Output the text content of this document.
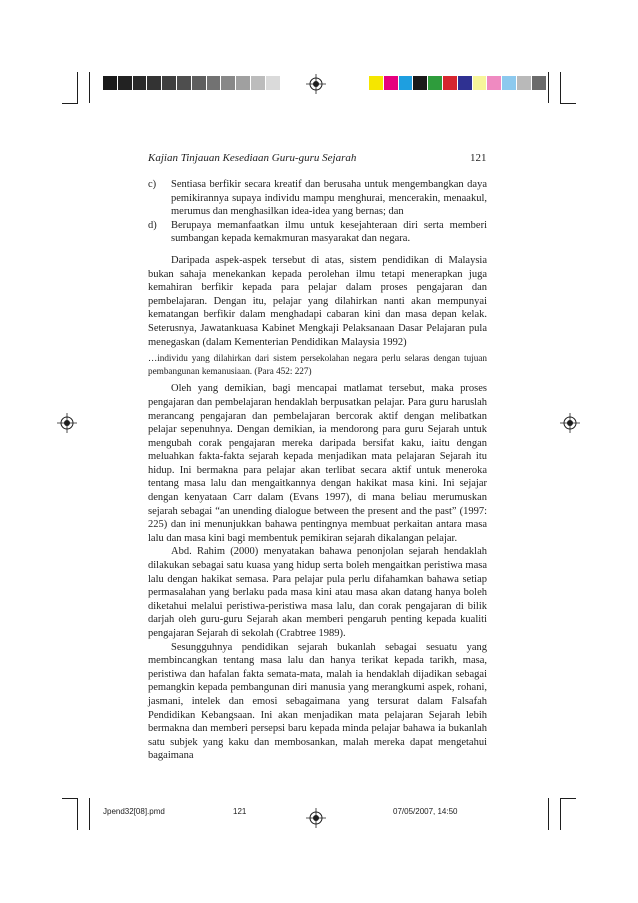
Kajian Tinjauan Kesediaan Guru-guru Sejarah	121
c)	Sentiasa berfikir secara kreatif dan berusaha untuk mengembangkan daya pemikirannya supaya individu mampu menghurai, mencerakin, menaakul, merumus dan menghasilkan idea-idea yang bernas; dan
d)	Berupaya memanfaatkan ilmu untuk kesejahteraan diri serta memberi sumbangan kepada kemakmuran masyarakat dan negara.

Daripada aspek-aspek tersebut di atas, sistem pendidikan di Malaysia bukan sahaja menekankan kepada perolehan ilmu tetapi menerapkan juga kemahiran berfikir kepada para pelajar dalam proses pengajaran dan pembelajaran. Dengan itu, pelajar yang dilahirkan nanti akan mempunyai kematangan berfikir dalam menghadapi cabaran kini dan masa depan kelak. Seterusnya, Jawatankuasa Kabinet Mengkaji Pelaksanaan Dasar Pelajaran pula menegaskan (dalam Kementerian Pendidikan Malaysia 1992)

…individu yang dilahirkan dari sistem persekolahan negara perlu selaras dengan tujuan pembangunan kemanusiaan. (Para 452: 227)

Oleh yang demikian, bagi mencapai matlamat tersebut, maka proses pengajaran dan pembelajaran hendaklah berpusatkan pelajar. Para guru haruslah merancang pengajaran dan pembelajaran bercorak aktif dengan melibatkan pelajar sepenuhnya. Dengan demikian, ia mendorong para guru Sejarah untuk mengubah corak pengajaran mereka daripada bersifat kaku, iaitu dengan meluahkan fakta-fakta sejarah kepada menjadikan mata pelajaran Sejarah itu hidup. Ini bermakna para pelajar akan terlibat secara aktif untuk meneroka tentang masa lalu dan mengaitkannya dengan hakikat masa kini. Ini sejajar dengan kenyataan Carr dalam (Evans 1997), di mana beliau merumuskan sejarah sebagai “an unending dialogue between the present and the past” (1997: 225) dan ini menunjukkan bahawa pentingnya membuat perkaitan antara masa lalu dan masa kini bagi membentuk pemikiran sejarah dikalangan pelajar.

Abd. Rahim (2000) menyatakan bahawa penonjolan sejarah hendaklah dilakukan sebagai satu kuasa yang hidup serta boleh mengaitkan peristiwa masa lalu dengan hakikat semasa. Para pelajar pula perlu difahamkan bahawa setiap permasalahan yang berlaku pada masa kini atau masa akan datang hanya boleh diketahui melalui peristiwa-peristiwa masa lalu, dan corak pengajaran di bilik darjah oleh guru-guru Sejarah akan memberi pengaruh penting kepada kualiti pengajaran Sejarah di sekolah (Crabtree 1989).

Sesungguhnya pendidikan sejarah bukanlah sebagai sesuatu yang membincangkan tentang masa lalu dan hanya terikat kepada tarikh, masa, peristiwa dan hafalan fakta semata-mata, malah ia hendaklah dijadikan sebagai pemangkin kepada pembangunan diri manusia yang merangkumi aspek, rohani, jasmani, intelek dan emosi sebagaimana yang tersurat dalam Falsafah Pendidikan Kebangsaan. Ini akan menjadikan mata pelajaran Sejarah lebih bermakna dan memberi persepsi baru kepada minda pelajar bahawa ia bukanlah satu subjek yang kaku dan membosankan, malah mereka dapat mengetahui bagaimana

Jpend32[08].pmd	121	07/05/2007, 14:50
